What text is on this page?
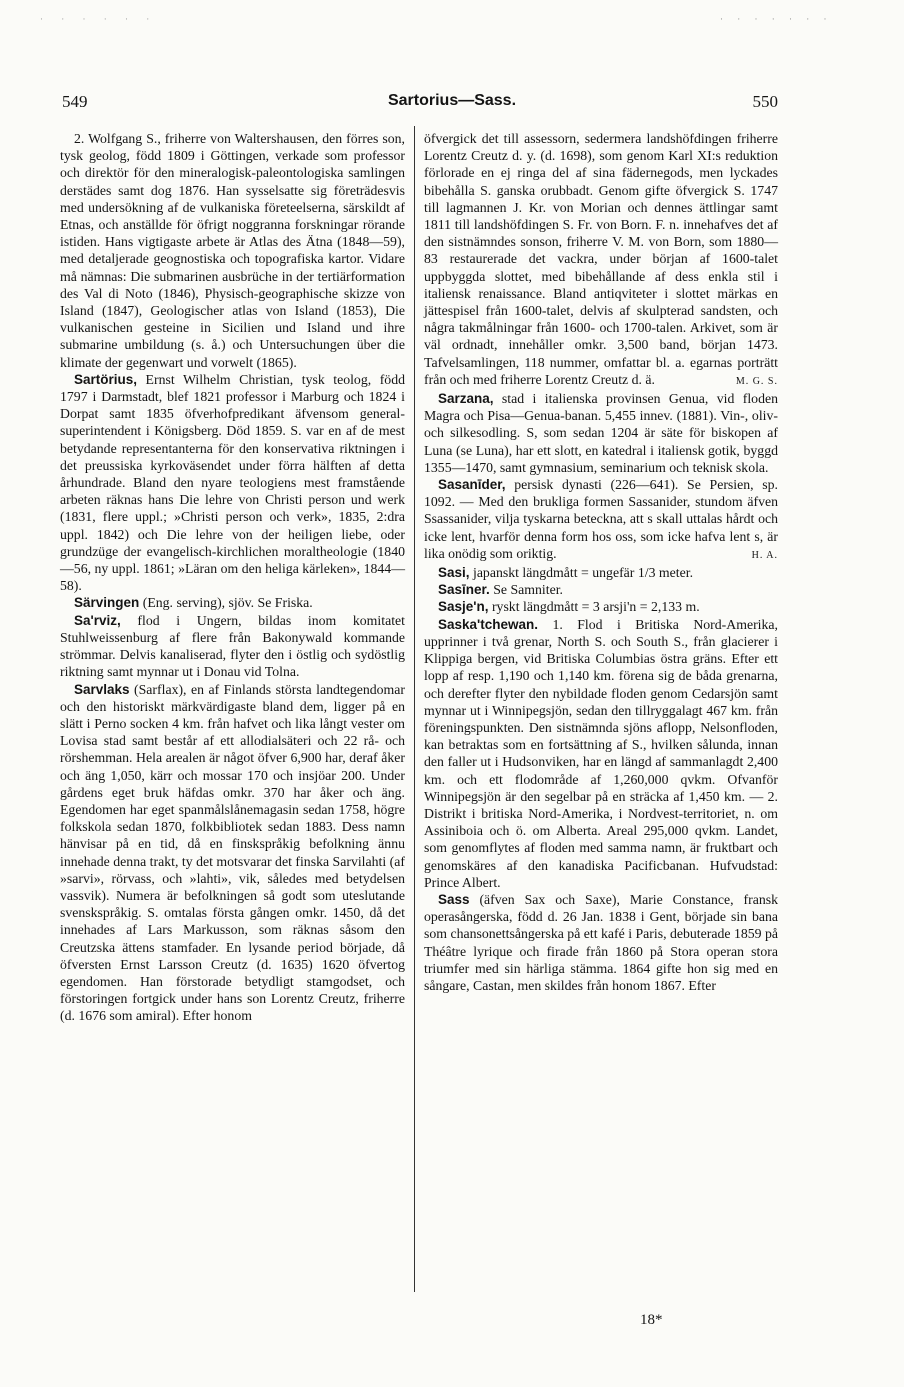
· · · · · ·	· · · · · · ·
549	Sartorius—Sass.	550

2. Wolfgang S., friherre von Waltershausen, den förres son, tysk geolog, född 1809 i Göttingen, verkade som professor och direktör för den mineralogisk-paleontologiska samlingen derstädes samt dog 1876. Han sysselsatte sig företrädesvis med undersökning af de vulkaniska företeelserna, särskildt af Etnas, och anställde för öfrigt noggranna forskningar rörande istiden. Hans vigtigaste arbete är Atlas des Ätna (1848—59), med detaljerade geognostiska och topografiska kartor. Vidare må nämnas: Die submarinen ausbrüche in der tertiärformation des Val di Noto (1846), Physisch-geographische skizze von Island (1847), Geologischer atlas von Island (1853), Die vulkanischen gesteine in Sicilien und Island und ihre submarine umbildung (s. å.) och Untersuchungen über die klimate der gegenwart und vorwelt (1865).

Sartörius, Ernst Wilhelm Christian, tysk teolog, född 1797 i Darmstadt, blef 1821 professor i Marburg och 1824 i Dorpat samt 1835 öfverhofpredikant äfvensom general-superintendent i Königsberg. Död 1859. S. var en af de mest betydande representanterna för den konservativa riktningen i det preussiska kyrkoväsendet under förra hälften af detta århundrade. Bland den nyare teologiens mest framstående arbeten räknas hans Die lehre von Christi person und werk (1831, flere uppl.; »Christi person och verk», 1835, 2:dra uppl. 1842) och Die lehre von der heiligen liebe, oder grundzüge der evangelisch-kirchlichen moraltheologie (1840—56, ny uppl. 1861; »Läran om den heliga kärleken», 1844—58).

Särvingen (Eng. serving), sjöv. Se Friska.

Sa'rviz, flod i Ungern, bildas inom komitatet Stuhlweissenburg af flere från Bakonywald kommande strömmar. Delvis kanaliserad, flyter den i östlig och sydöstlig riktning samt mynnar ut i Donau vid Tolna.

Sarvlaks (Sarflax), en af Finlands största landtegendomar och den historiskt märkvärdigaste bland dem, ligger på en slätt i Perno socken 4 km. från hafvet och lika långt vester om Lovisa stad samt består af ett allodialsäteri och 22 rå- och rörshemman. Hela arealen är något öfver 6,900 har, deraf åker och äng 1,050, kärr och mossar 170 och insjöar 200. Under gårdens eget bruk häfdas omkr. 370 har åker och äng. Egendomen har eget spanmålslånemagasin sedan 1758, högre folkskola sedan 1870, folkbibliotek sedan 1883. Dess namn hänvisar på en tid, då en finskspråkig befolkning ännu innehade denna trakt, ty det motsvarar det finska Sarvilahti (af »sarvi», rörvass, och »lahti», vik, således med betydelsen vassvik). Numera är befolkningen så godt som uteslutande svenskspråkig. S. omtalas första gången omkr. 1450, då det innehades af Lars Markusson, som räknas såsom den Creutzska ättens stamfader. En lysande period började, då öfversten Ernst Larsson Creutz (d. 1635) 1620 öfvertog egendomen. Han förstorade betydligt stamgodset, och förstoringen fortgick under hans son Lorentz Creutz, friherre (d. 1676 som amiral). Efter honom

öfvergick det till assessorn, sedermera landshöfdingen friherre Lorentz Creutz d. y. (d. 1698), som genom Karl XI:s reduktion förlorade en ej ringa del af sina fädernegods, men lyckades bibehålla S. ganska orubbadt. Genom gifte öfvergick S. 1747 till lagmannen J. Kr. von Morian och dennes ättlingar samt 1811 till landshöfdingen S. Fr. von Born. F. n. innehafves det af den sistnämndes sonson, friherre V. M. von Born, som 1880—83 restaurerade det vackra, under början af 1600-talet uppbyggda slottet, med bibehållande af dess enkla stil i italiensk renaissance. Bland antiqviteter i slottet märkas en jättespisel från 1600-talet, delvis af skulpterad sandsten, och några takmålningar från 1600- och 1700-talen. Arkivet, som är väl ordnadt, innehåller omkr. 3,500 band, början 1473. Tafvelsamlingen, 118 nummer, omfattar bl. a. egarnas porträtt från och med friherre Lorentz Creutz d. ä.	M. G. S.

Sarzana, stad i italienska provinsen Genua, vid floden Magra och Pisa—Genua-banan. 5,455 innev. (1881). Vin-, oliv- och silkesodling. S, som sedan 1204 är säte för biskopen af Luna (se Luna), har ett slott, en katedral i italiensk gotik, byggd 1355—1470, samt gymnasium, seminarium och teknisk skola.

Sasanīder, persisk dynasti (226—641). Se Persien, sp. 1092. — Med den brukliga formen Sassanider, stundom äfven Ssassanider, vilja tyskarna beteckna, att s skall uttalas hårdt och icke lent, hvarför denna form hos oss, som icke hafva lent s, är lika onödig som oriktig.	H. A.

Sasi, japanskt längdmått = ungefär 1/3 meter.

Sasīner. Se Samniter.

Sasje'n, ryskt längdmått = 3 arsji'n = 2,133 m.

Saska'tchewan. 1. Flod i Britiska Nord-Amerika, upprinner i två grenar, North S. och South S., från glacierer i Klippiga bergen, vid Britiska Columbias östra gräns. Efter ett lopp af resp. 1,190 och 1,140 km. förena sig de båda grenarna, och derefter flyter den nybildade floden genom Cedarsjön samt mynnar ut i Winnipegsjön, sedan den tillryggalagt 467 km. från föreningspunkten. Den sistnämnda sjöns aflopp, Nelsonfloden, kan betraktas som en fortsättning af S., hvilken sålunda, innan den faller ut i Hudsonviken, har en längd af sammanlagdt 2,400 km. och ett flodområde af 1,260,000 qvkm. Ofvanför Winnipegsjön är den segelbar på en sträcka af 1,450 km. — 2. Distrikt i britiska Nord-Amerika, i Nordvest-territoriet, n. om Assiniboia och ö. om Alberta. Areal 295,000 qvkm. Landet, som genomflytes af floden med samma namn, är fruktbart och genomskäres af den kanadiska Pacificbanan. Hufvudstad: Prince Albert.

Sass (äfven Sax och Saxe), Marie Constance, fransk operasångerska, född d. 26 Jan. 1838 i Gent, började sin bana som chansonettsångerska på ett kafé i Paris, debuterade 1859 på Théâtre lyrique och firade från 1860 på Stora operan stora triumfer med sin härliga stämma. 1864 gifte hon sig med en sångare, Castan, men skildes från honom 1867. Efter

18*
